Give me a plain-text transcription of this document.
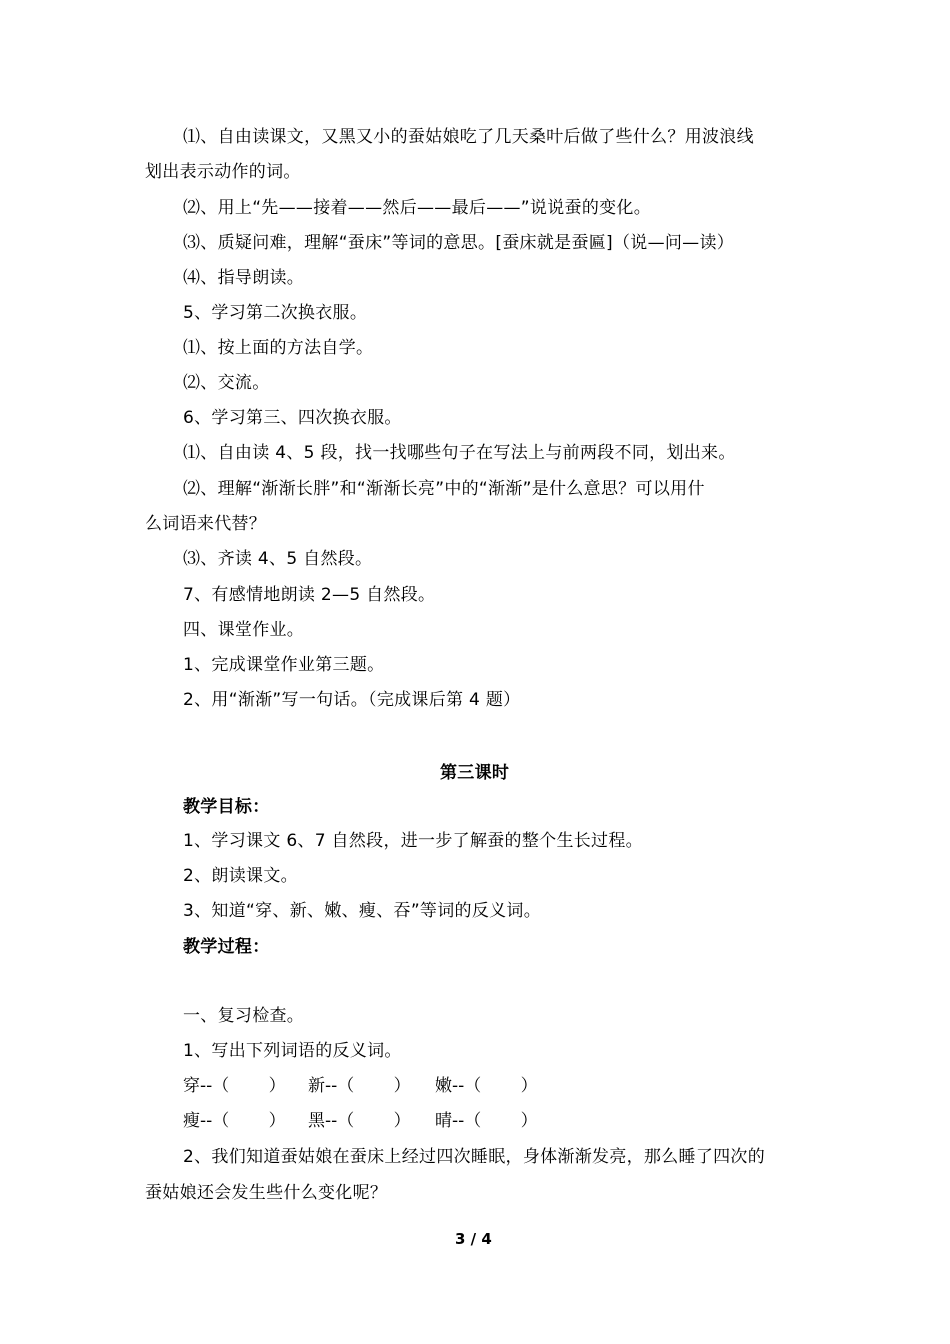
⑴、自由读课文，又黑又小的蚕姑娘吃了几天桑叶后做了些什么？用波浪线
划出表示动作的词。
⑵、用上“先——接着——然后——最后——”说说蚕的变化。
⑶、质疑问难，理解“蚕床”等词的意思。[蚕床就是蚕匾]（说—问—读）
⑷、指导朗读。
5、学习第二次换衣服。
⑴、按上面的方法自学。
⑵、交流。
6、学习第三、四次换衣服。
⑴、自由读 4、5 段，找一找哪些句子在写法上与前两段不同，划出来。
⑵、理解“渐渐长胖”和“渐渐长亮”中的“渐渐”是什么意思？可以用什
么词语来代替？
⑶、齐读 4、5 自然段。
7、有感情地朗读 2—5 自然段。
四、课堂作业。
1、完成课堂作业第三题。
2、用“渐渐”写一句话。（完成课后第 4 题）
第三课时
教学目标：
1、学习课文 6、7 自然段，进一步了解蚕的整个生长过程。
2、朗读课文。
3、知道“穿、新、嫩、瘦、吞”等词的反义词。
教学过程：
一、复习检查。
1、写出下列词语的反义词。

穿--（　　 ）

新--（　　 ）

嫩--（　　 ）

瘦--（　　 ）

黑--（　　 ）

晴--（　　 ）

2、我们知道蚕姑娘在蚕床上经过四次睡眠，身体渐渐发亮，那么睡了四次的
蚕姑娘还会发生些什么变化呢？
3 / 4
